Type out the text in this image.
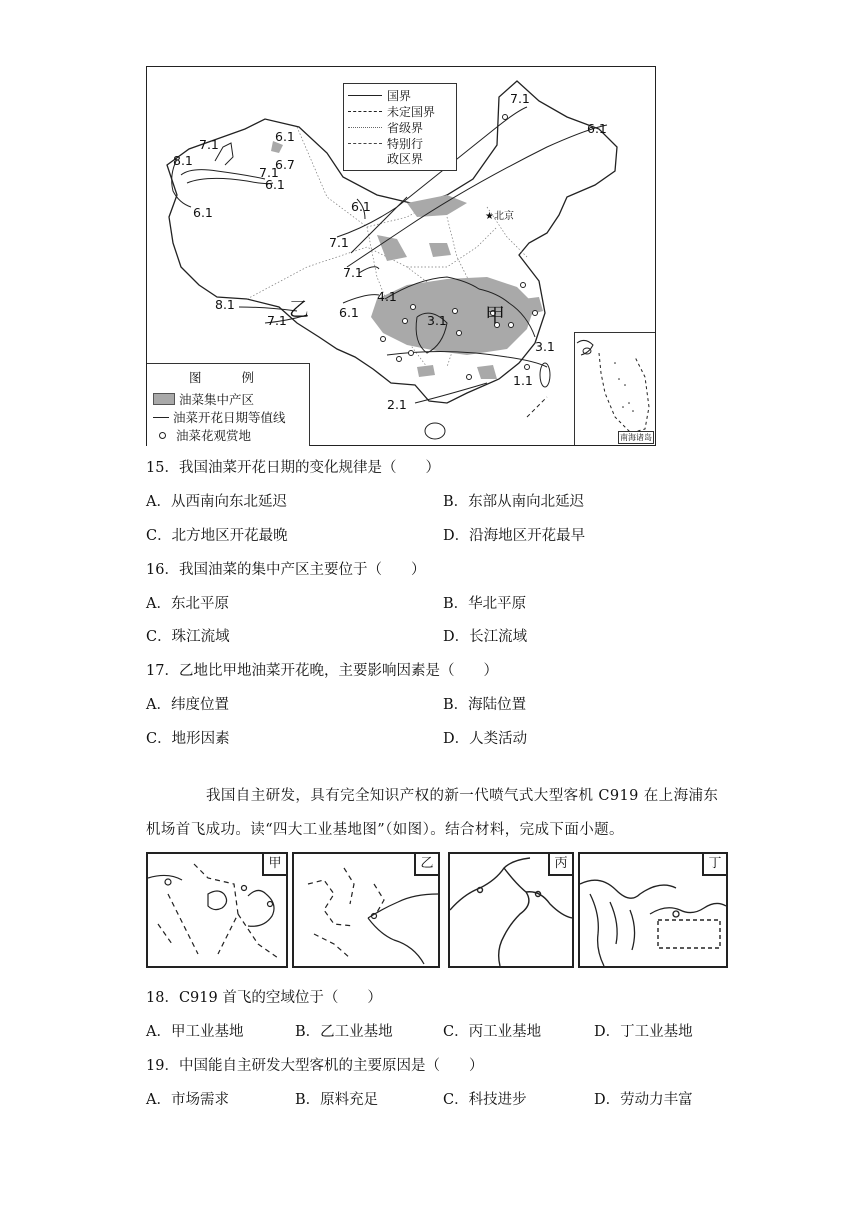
国界
未定国界
省级界
特别行
政区界
7.1
6.1
7.1
6.1
8.1	6.7
7.1
6.1
6.1	6.1
7.1
7.1
8.1
7.1
6.1
4.1
3.1
3.1
1.1
2.1
乙	甲
★北京
图 例
油菜集中产区
油菜开花日期等值线
油菜花观赏地	南海诸岛
15．我国油菜开花日期的变化规律是（　　）
A．从西南向东北延迟	B．东部从南向北延迟
C．北方地区开花最晚	D．沿海地区开花最早
16．我国油菜的集中产区主要位于（　　）
A．东北平原	B．华北平原
C．珠江流域	D．长江流域
17．乙地比甲地油菜开花晚，主要影响因素是（　　）
A．纬度位置	B．海陆位置
C．地形因素	D．人类活动
我国自主研发，具有完全知识产权的新一代喷气式大型客机 C919 在上海浦东
机场首飞成功。读“四大工业基地图”（如图）。结合材料，完成下面小题。
甲	乙	丙	丁
18．C919 首飞的空域位于（　　）
A．甲工业基地	B．乙工业基地	C．丙工业基地	D．丁工业基地
19．中国能自主研发大型客机的主要原因是（　　）
A．市场需求	B．原料充足	C．科技进步	D．劳动力丰富
